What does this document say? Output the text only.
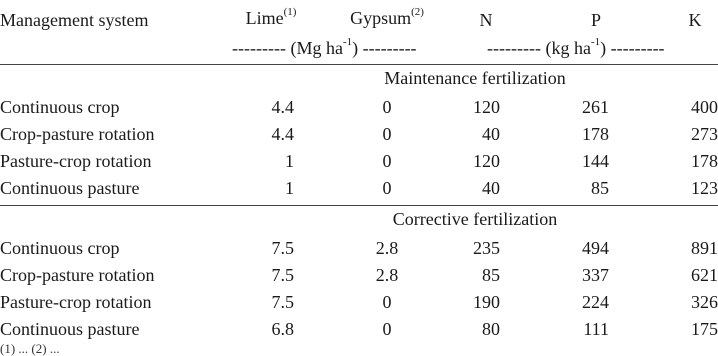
Management system	Lime$^{(1)}$	Gypsum$^{(2)}$	N	P	K
--------- (Mg $ha^{-1}$) ---------	--------- (kg $ha^{-1}$) ---------
Maintenance fertilization
Continuous crop	4.4	0	120	261	400
Crop-pasture rotation	4.4	0	40	178	273
Pasture-crop rotation	1	0	120	144	178
Continuous pasture	1	0	40	85	123
Corrective fertilization
Continuous crop	7.5	2.8	235	494	891
Crop-pasture rotation	7.5	2.8	85	337	621
Pasture-crop rotation	7.5	0	190	224	326
Continuous pasture	6.8	0	80	111	175
(1) ... (2) ...
